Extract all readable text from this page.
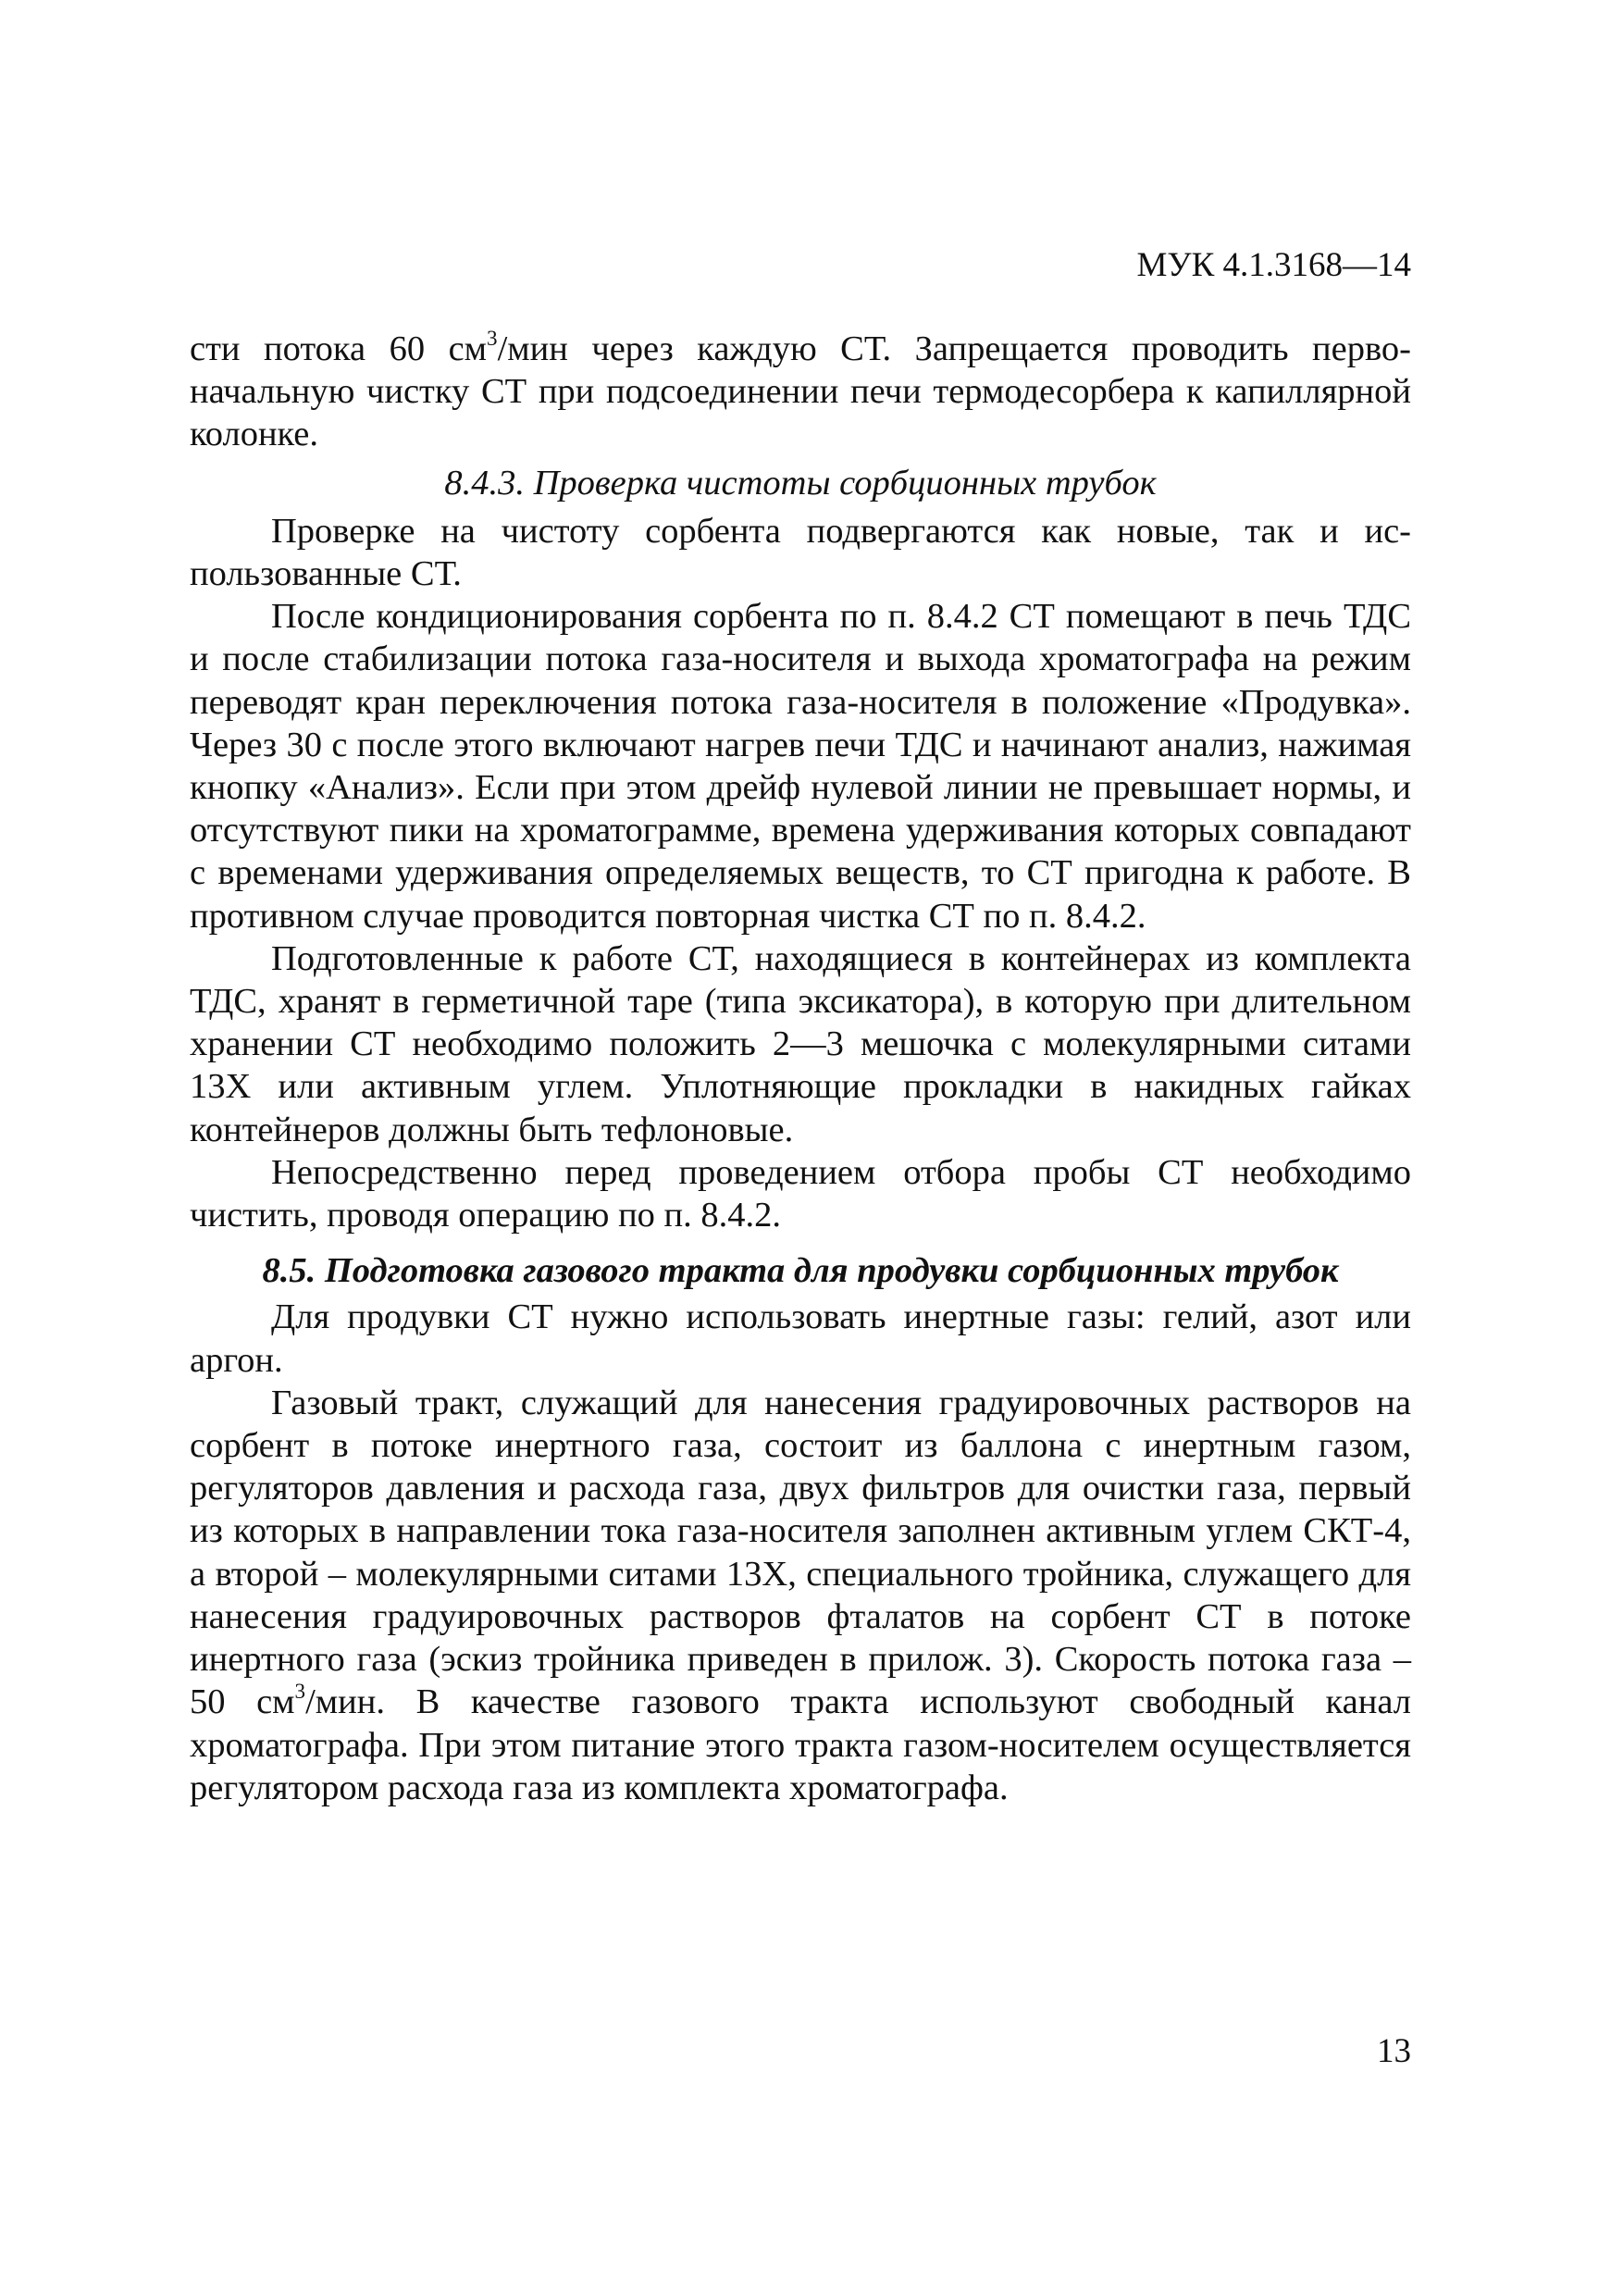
МУК 4.1.3168—14

сти потока 60 $см^3$/мин через каждую СТ. Запрещается проводить первоначальную чистку СТ при подсоединении печи термодесорбера к капиллярной колонке.

8.4.3. Проверка чистоты сорбционных трубок

Проверке на чистоту сорбента подвергаются как новые, так и использованные СТ.

После кондиционирования сорбента по п. 8.4.2 СТ помещают в печь ТДС и после стабилизации потока газа-носителя и выхода хроматографа на режим переводят кран переключения потока газа-носителя в положение «Продувка». Через 30 с после этого включают нагрев печи ТДС и начинают анализ, нажимая кнопку «Анализ». Если при этом дрейф нулевой линии не превышает нормы, и отсутствуют пики на хроматограмме, времена удерживания которых совпадают с временами удерживания определяемых веществ, то СТ пригодна к работе. В противном случае проводится повторная чистка СТ по п. 8.4.2.

Подготовленные к работе СТ, находящиеся в контейнерах из комплекта ТДС, хранят в герметичной таре (типа эксикатора), в которую при длительном хранении СТ необходимо положить 2—3 мешочка с молекулярными ситами 13Х или активным углем. Уплотняющие прокладки в накидных гайках контейнеров должны быть тефлоновые.

Непосредственно перед проведением отбора пробы СТ необходимо чистить, проводя операцию по п. 8.4.2.

8.5. Подготовка газового тракта для продувки сорбционных трубок

Для продувки СТ нужно использовать инертные газы: гелий, азот или аргон.

Газовый тракт, служащий для нанесения градуировочных растворов на сорбент в потоке инертного газа, состоит из баллона с инертным газом, регуляторов давления и расхода газа, двух фильтров для очистки газа, первый из которых в направлении тока газа-носителя заполнен активным углем СКТ-4, а второй – молекулярными ситами 13Х, специального тройника, служащего для нанесения градуировочных растворов фталатов на сорбент СТ в потоке инертного газа (эскиз тройника приведен в прилож. 3). Скорость потока газа – 50 $см^3$/мин. В качестве газового тракта используют свободный канал хроматографа. При этом питание этого тракта газом-носителем осуществляется регулятором расхода газа из комплекта хроматографа.

13
